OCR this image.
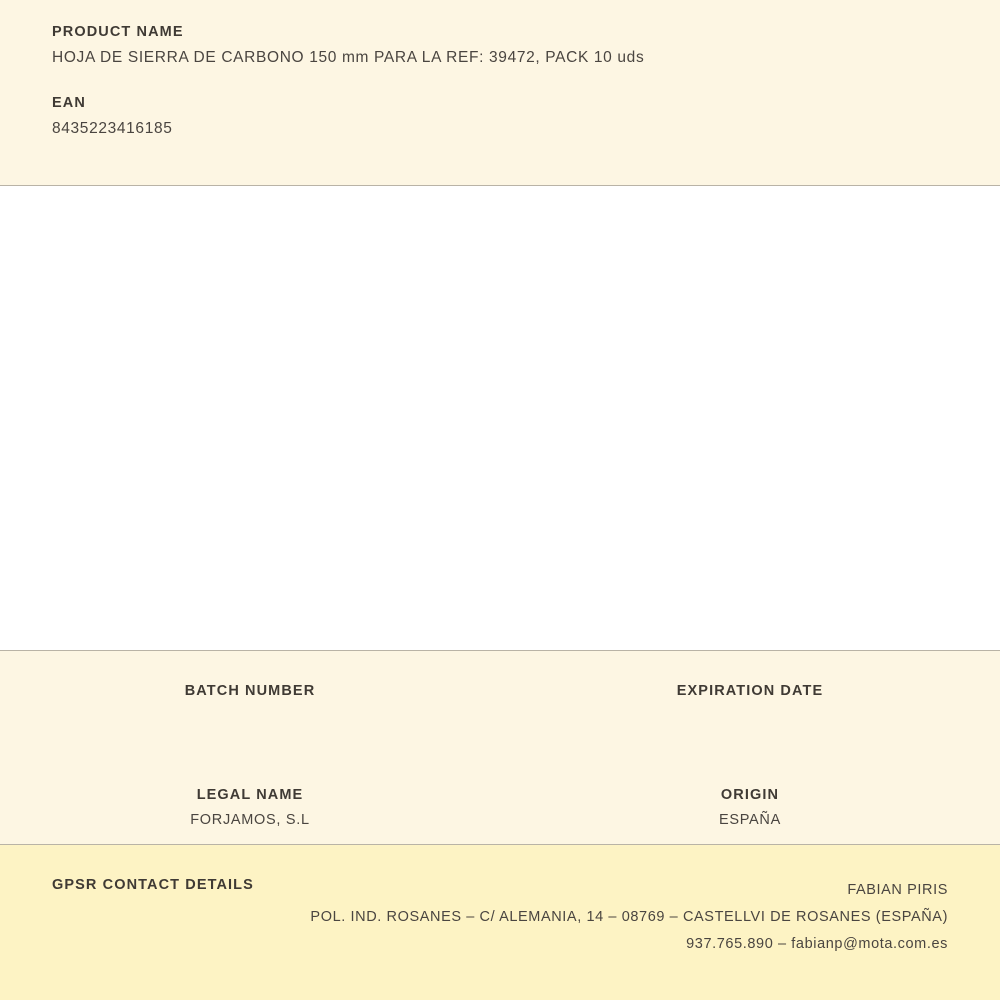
PRODUCT NAME

HOJA DE SIERRA DE CARBONO 150 mm PARA LA REF: 39472, PACK 10 uds

EAN

8435223416185

BATCH NUMBER	EXPIRATION DATE

LEGAL NAME

FORJAMOS, S.L

ORIGIN

ESPAÑA

GPSR CONTACT DETAILS	FABIAN PIRIS

POL. IND. ROSANES – C/ ALEMANIA, 14 – 08769 – CASTELLVI DE ROSANES (ESPAÑA)

937.765.890 – fabianp@mota.com.es
